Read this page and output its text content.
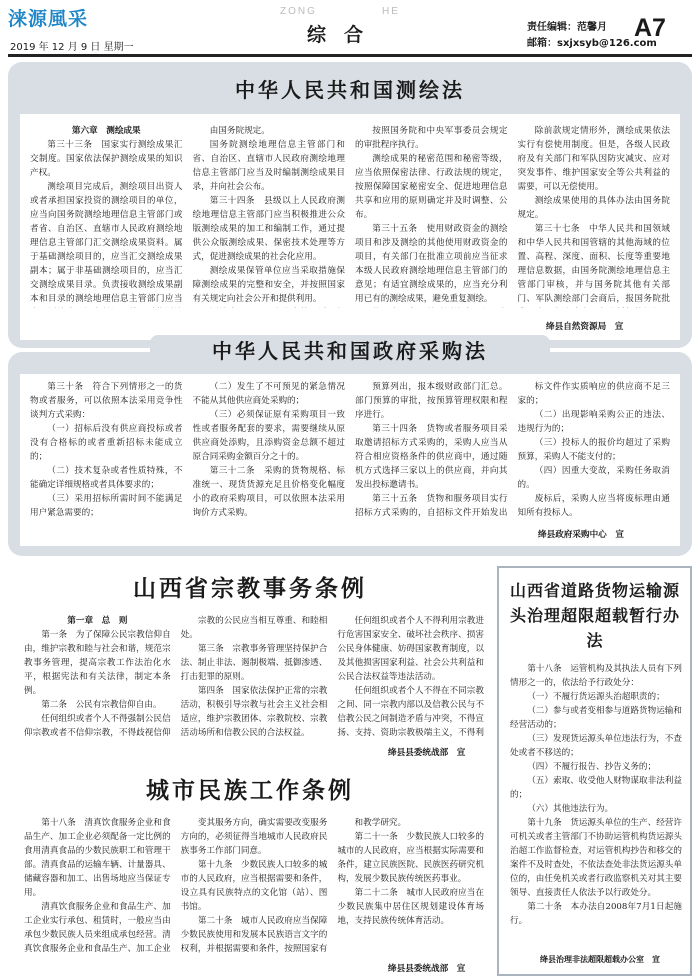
涞源風采
2019 年 12 月 9 日 星期一
ZONG	HE
综合	责任编辑：范馨月
邮箱：sxjxsyb@126.com
A7
中华人民共和国测绘法

第六章　测绘成果

第三十三条　国家实行测绘成果汇交制度。国家依法保护测绘成果的知识产权。

测绘项目完成后，测绘项目出资人或者承担国家投资的测绘项目的单位，应当向国务院测绘地理信息主管部门或者省、自治区、直辖市人民政府测绘地理信息主管部门汇交测绘成果资料。属于基础测绘项目的，应当汇交测绘成果副本；属于非基础测绘项目的，应当汇交测绘成果目录。负责接收测绘成果副本和目录的测绘地理信息主管部门应当

由国务院规定。

国务院测绘地理信息主管部门和省、自治区、直辖市人民政府测绘地理信息主管部门应当及时编制测绘成果目录，并向社会公布。

第三十四条　县级以上人民政府测绘地理信息主管部门应当积极推进公众版测绘成果的加工和编制工作，通过提供公众版测绘成果、保密技术处理等方式，促进测绘成果的社会化应用。

测绘成果保管单位应当采取措施保障测绘成果的完整和安全，并按照国家有关规定向社会公开和提供利用。

按照国务院和中央军事委员会规定的审批程序执行。

测绘成果的秘密范围和秘密等级，应当依照保密法律、行政法规的规定，按照保障国家秘密安全、促进地理信息共享和应用的原则确定并及时调整、公布。

第三十五条　使用财政资金的测绘项目和涉及测绘的其他使用财政资金的项目，有关部门在批准立项前应当征求本级人民政府测绘地理信息主管部门的意见；有适宜测绘成果的，应当充分利用已有的测绘成果，避免重复测绘。

除前款规定情形外，测绘成果依法实行有偿使用制度。但是，各级人民政府及有关部门和军队因防灾减灾、应对突发事件、维护国家安全等公共利益的需要，可以无偿使用。

测绘成果使用的具体办法由国务院规定。

第三十七条　中华人民共和国领域和中华人民共和国管辖的其他海域的位置、高程、深度、面积、长度等重要地理信息数据，由国务院测绘地理信息主管部门审核，并与国务院其他有关部门、军队测绘部门会商后，报国务院批

绛县自然资源局　宣
中华人民共和国政府采购法

第三十条　符合下列情形之一的货物或者服务，可以依照本法采用竞争性谈判方式采购：

（一）招标后没有供应商投标或者没有合格标的或者重新招标未能成立的；

（二）技术复杂或者性质特殊，不能确定详细规格或者具体要求的；

（三）采用招标所需时间不能满足用户紧急需要的；

（二）发生了不可预见的紧急情况不能从其他供应商处采购的；

（三）必须保证原有采购项目一致性或者服务配套的要求，需要继续从原供应商处添购，且添购资金总额不超过原合同采购金额百分之十的。

第三十二条　采购的货物规格、标准统一、现货货源充足且价格变化幅度小的政府采购项目，可以依照本法采用询价方式采购。

预算列出，报本级财政部门汇总。部门预算的审批，按预算管理权限和程序进行。

第三十四条　货物或者服务项目采取邀请招标方式采购的，采购人应当从符合相应资格条件的供应商中，通过随机方式选择三家以上的供应商，并向其发出投标邀请书。

第三十五条　货物和服务项目实行招标方式采购的，自招标文件开始发出

标文件作实质响应的供应商不足三家的；

（二）出现影响采购公正的违法、违规行为的；

（三）投标人的报价均超过了采购预算，采购人不能支付的；

（四）因重大变故，采购任务取消的。

废标后，采购人应当将废标理由通知所有投标人。

绛县政府采购中心　宣
山西省宗教事务条例

第一章　总　则

第一条　为了保障公民宗教信仰自由，维护宗教和睦与社会和谐，规范宗教事务管理，提高宗教工作法治化水平，根据宪法和有关法律，制定本条例。

第二条　公民有宗教信仰自由。

任何组织或者个人不得强制公民信仰宗教或者不信仰宗教，不得歧视信仰

宗教的公民应当相互尊重、和睦相处。

第三条　宗教事务管理坚持保护合法、制止非法、遏制极端、抵御渗透、打击犯罪的原则。

第四条　国家依法保护正常的宗教活动，积极引导宗教与社会主义社会相适应，维护宗教团体、宗教院校、宗教活动场所和信教公民的合法权益。

任何组织或者个人不得利用宗教进行危害国家安全、破坏社会秩序、损害公民身体健康、妨碍国家教育制度，以及其他损害国家利益、社会公共利益和公民合法权益等违法活动。

任何组织或者个人不得在不同宗教之间、同一宗教内部以及信教公民与不信教公民之间制造矛盾与冲突，不得宣扬、支持、资助宗教极端主义，不得利

绛县县委统战部　宣
城市民族工作条例

第十八条　清真饮食服务企业和食品生产、加工企业必须配备一定比例的食用清真食品的少数民族职工和管理干部。清真食品的运输车辆、计量器具、储藏容器和加工、出售场地应当保证专用。

清真饮食服务企业和食品生产、加工企业实行承包、租赁时，一般应当由承包少数民族人员来组成承包经营。清真饮食服务企业和食品生产、加工企业

变其服务方向，确实需要改变服务方向的，必须征得当地城市人民政府民族事务工作部门同意。

第十九条　少数民族人口较多的城市的人民政府，应当根据需要和条件，设立具有民族特点的文化馆（站）、图书馆。

第二十条　城市人民政府应当保障少数民族使用和发展本民族语言文字的权利，并根据需要和条件，按照国家有

和教学研究。

第二十一条　少数民族人口较多的城市的人民政府，应当根据实际需要和条件，建立民族医院、民族医药研究机构，发展少数民族传统医药事业。

第二十二条　城市人民政府应当在少数民族集中居住区规划建设体育场地，支持民族传统体育活动。

绛县县委统战部　宣
山西省道路货物运输源头治理超限超载暂行办法

第十八条　运管机构及其执法人员有下列情形之一的，依法给予行政处分：

（一）不履行货运源头治超职责的；

（二）参与或者变相参与道路货物运输和经营活动的；

（三）发现货运源头单位违法行为，不查处或者不移送的；

（四）不履行报告、抄告义务的；

（五）索取、收受他人财物谋取非法利益的；

（六）其他违法行为。

第十九条　货运源头单位的生产、经营许可机关或者主管部门不协助运管机构货运源头治超工作监督检查，对运管机构抄告和移交的案件不及时查处，不依法查处非法货运源头单位的，由任免机关或者行政监察机关对其主要领导、直接责任人依法予以行政处分。

第二十条　本办法自2008年7月1日起施行。

绛县治理非法超限超载办公室　宣
